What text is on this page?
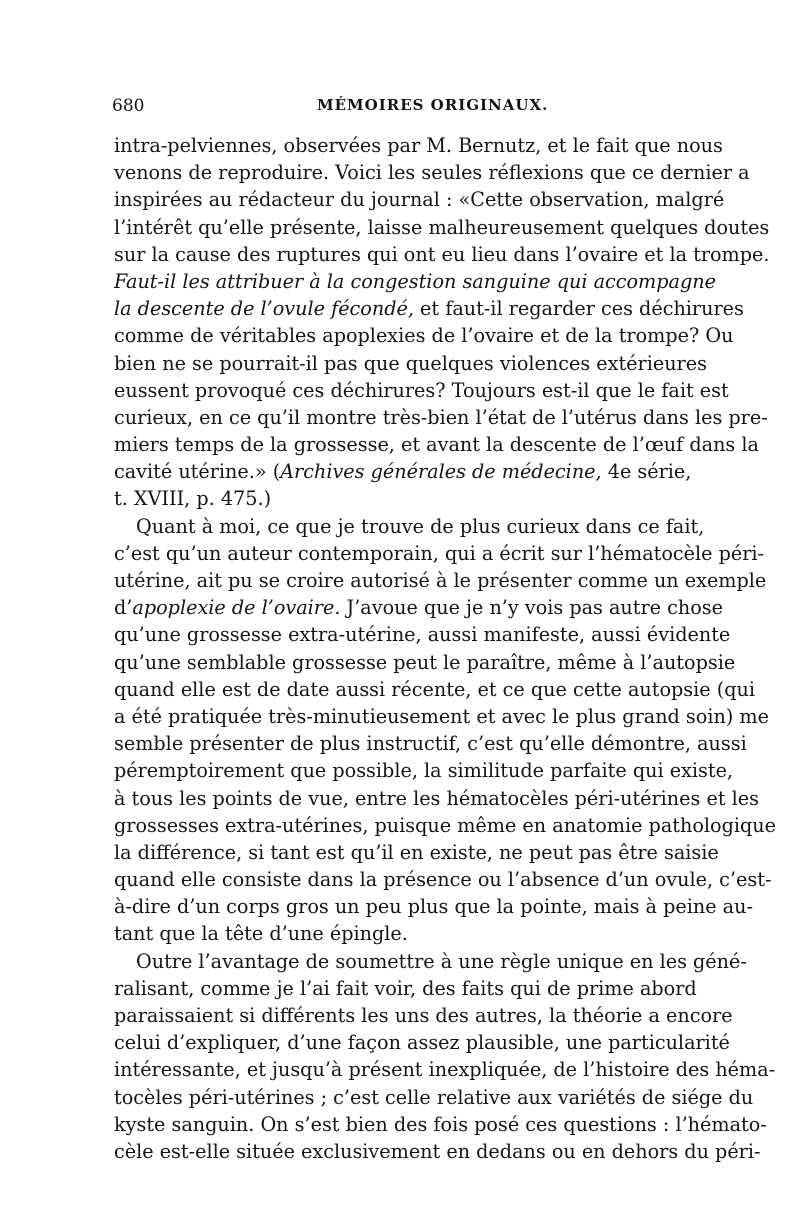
680	MÉMOIRES ORIGINAUX.
intra-pelviennes, observées par M. Bernutz, et le fait que nous
venons de reproduire. Voici les seules réflexions que ce dernier a
inspirées au rédacteur du journal : «Cette observation, malgré
l’intérêt qu’elle présente, laisse malheureusement quelques doutes
sur la cause des ruptures qui ont eu lieu dans l’ovaire et la trompe.
Faut-il les attribuer à la congestion sanguine qui accompagne
la descente de l’ovule fécondé, et faut-il regarder ces déchirures
comme de véritables apoplexies de l’ovaire et de la trompe? Ou
bien ne se pourrait-il pas que quelques violences extérieures
eussent provoqué ces déchirures? Toujours est-il que le fait est
curieux, en ce qu’il montre très-bien l’état de l’utérus dans les pre-
miers temps de la grossesse, et avant la descente de l’œuf dans la
cavité utérine.» (Archives générales de médecine, 4e série,
t. XVIII, p. 475.)
Quant à moi, ce que je trouve de plus curieux dans ce fait,
c’est qu’un auteur contemporain, qui a écrit sur l’hématocèle péri-
utérine, ait pu se croire autorisé à le présenter comme un exemple
d’apoplexie de l’ovaire. J’avoue que je n’y vois pas autre chose
qu’une grossesse extra-utérine, aussi manifeste, aussi évidente
qu’une semblable grossesse peut le paraître, même à l’autopsie
quand elle est de date aussi récente, et ce que cette autopsie (qui
a été pratiquée très-minutieusement et avec le plus grand soin) me
semble présenter de plus instructif, c’est qu’elle démontre, aussi
péremptoirement que possible, la similitude parfaite qui existe,
à tous les points de vue, entre les hématocèles péri-utérines et les
grossesses extra-utérines, puisque même en anatomie pathologique
la différence, si tant est qu’il en existe, ne peut pas être saisie
quand elle consiste dans la présence ou l’absence d’un ovule, c’est-
à-dire d’un corps gros un peu plus que la pointe, mais à peine au-
tant que la tête d’une épingle.
Outre l’avantage de soumettre à une règle unique en les géné-
ralisant, comme je l’ai fait voir, des faits qui de prime abord
paraissaient si différents les uns des autres, la théorie a encore
celui d’expliquer, d’une façon assez plausible, une particularité
intéressante, et jusqu’à présent inexpliquée, de l’histoire des héma-
tocèles péri-utérines ; c’est celle relative aux variétés de siége du
kyste sanguin. On s’est bien des fois posé ces questions : l’hémato-
cèle est-elle située exclusivement en dedans ou en dehors du péri-
